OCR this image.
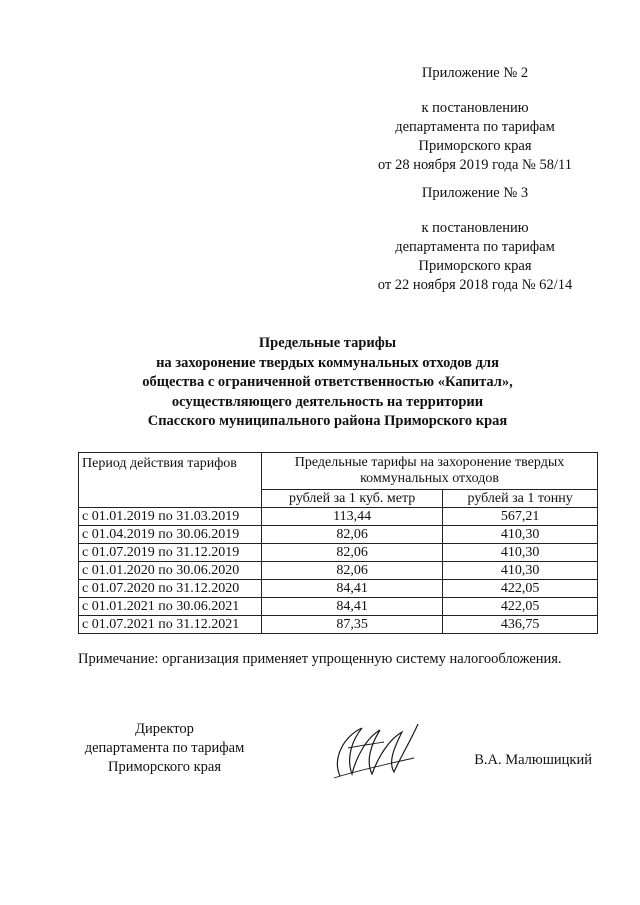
Приложение № 2
к постановлению
департамента по тарифам
Приморского края
от 28 ноября 2019 года № 58/11
Приложение № 3
к постановлению
департамента по тарифам
Приморского края
от 22 ноября 2018 года № 62/14
Предельные тарифы
на захоронение твердых коммунальных отходов для
общества с ограниченной ответственностью «Капитал»,
осуществляющего деятельность на территории
Спасского муниципального района Приморского края
Период действия тарифов	Предельные тарифы на захоронение твердых коммунальных отходов	
	рублей за 1 куб. метр	рублей за 1 тонну
с 01.01.2019 по 31.03.2019	113,44	567,21
с 01.04.2019 по 30.06.2019	82,06	410,30
с 01.07.2019 по 31.12.2019	82,06	410,30
с 01.01.2020 по 30.06.2020	82,06	410,30
с 01.07.2020 по 31.12.2020	84,41	422,05
с 01.01.2021 по 30.06.2021	84,41	422,05
с 01.07.2021 по 31.12.2021	87,35	436,75
Примечание: организация применяет упрощенную систему налогообложения.
Директор
департамента по тарифам
Приморского края	В.А. Малюшицкий
